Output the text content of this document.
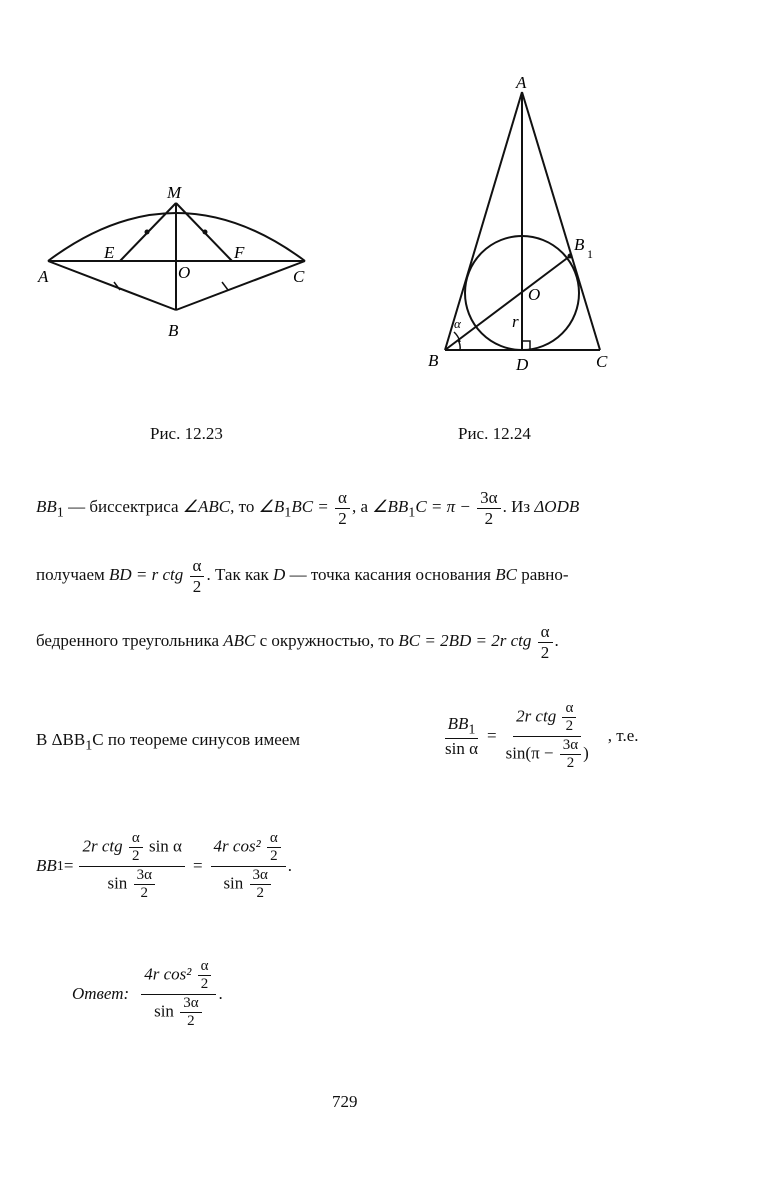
M
E	F
A	O	C
B
A
B 1
O
r
α
B	D	C
Рис. 12.23	Рис. 12.24
$BB_1$ — биссектриса ∠ABC, то $\angle B_1BC = \frac{\alpha}{2}$ , а $\angle BB_1C = \pi - \frac{3\alpha}{2}$ . Из ΔODB
получаем BD = r ctg $\frac{\alpha}{2}$ . Так как D — точка касания основания BC равно-
бедренного треугольника ABC с окружностью, то BC = 2BD = 2r ctg $\frac{\alpha}{2}$ .
В $\Delta BB_1C$ по теореме синусов имеем	$\frac{BB_1}{\text{sin α}} = \frac{2r ctg \frac{\alpha}{2}}{\sin(\pi - \frac{3\alpha}{2} )}$ , т.е.
BB $1 = \frac{2r ctg \frac{\alpha}{2} \sin \alpha}{\sin \frac{3\alpha}{2}} = \frac{4r \cos^2 \frac{\alpha}{2}}{\sin \frac{3\alpha}{2}}$ .
Ответ: $\frac{4r \cos^2 \frac{\alpha}{2}}{\sin \frac{3\alpha}{2}}$ .
729
